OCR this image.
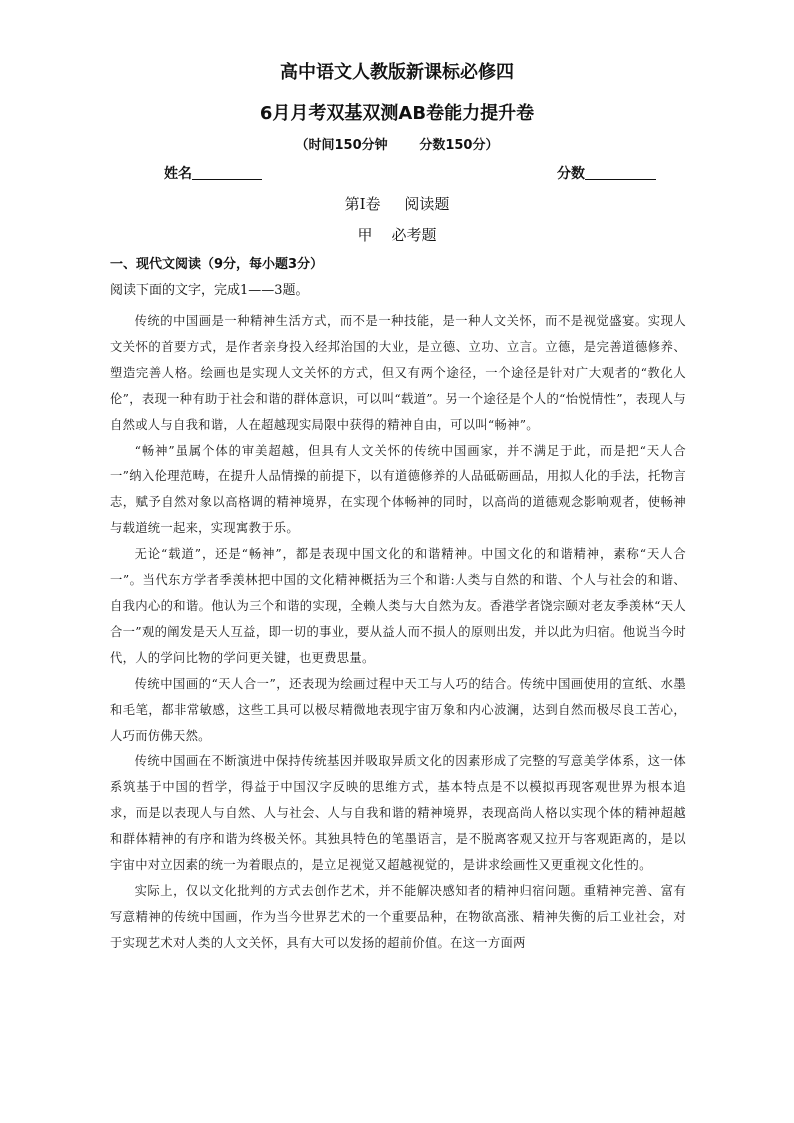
高中语文人教版新课标必修四
6月月考双基双测AB卷能力提升卷
（时间150分钟       分数150分）
姓名	分数
第Ⅰ卷     阅读题
甲    必考题
一、现代文阅读（9分，每小题3分）
阅读下面的文字，完成1——3题。

传统的中国画是一种精神生活方式，而不是一种技能，是一种人文关怀，而不是视觉盛宴。实现人文关怀的首要方式，是作者亲身投入经邦治国的大业，是立德、立功、立言。立德，是完善道德修养、塑造完善人格。绘画也是实现人文关怀的方式，但又有两个途径，一个途径是针对广大观者的“教化人伦”，表现一种有助于社会和谐的群体意识，可以叫“载道”。另一个途径是个人的“怡悦情性”，表现人与自然或人与自我和谐，人在超越现实局限中获得的精神自由，可以叫“畅神”。

“畅神”虽属个体的审美超越，但具有人文关怀的传统中国画家，并不满足于此，而是把“天人合一”纳入伦理范畴，在提升人品情操的前提下，以有道德修养的人品砥砺画品，用拟人化的手法，托物言志，赋予自然对象以高格调的精神境界，在实现个体畅神的同时，以高尚的道德观念影响观者，使畅神与载道统一起来，实现寓教于乐。

无论“载道”，还是“畅神”，都是表现中国文化的和谐精神。中国文化的和谐精神，素称“天人合一”。当代东方学者季羡林把中国的文化精神概括为三个和谐:人类与自然的和谐、个人与社会的和谐、自我内心的和谐。他认为三个和谐的实现，全赖人类与大自然为友。香港学者饶宗颐对老友季羡林“天人合一”观的阐发是天人互益，即一切的事业，要从益人而不损人的原则出发，并以此为归宿。他说当今时代，人的学问比物的学问更关键，也更费思量。

传统中国画的“天人合一”，还表现为绘画过程中天工与人巧的结合。传统中国画使用的宣纸、水墨和毛笔，都非常敏感，这些工具可以极尽精微地表现宇宙万象和内心波澜，达到自然而极尽良工苦心，人巧而仿佛天然。

传统中国画在不断演进中保持传统基因并吸取异质文化的因素形成了完整的写意美学体系，这一体系筑基于中国的哲学，得益于中国汉字反映的思维方式，基本特点是不以模拟再现客观世界为根本追求，而是以表现人与自然、人与社会、人与自我和谐的精神境界，表现高尚人格以实现个体的精神超越和群体精神的有序和谐为终极关怀。其独具特色的笔墨语言，是不脱离客观又拉开与客观距离的，是以宇宙中对立因素的统一为着眼点的，是立足视觉又超越视觉的，是讲求绘画性又更重视文化性的。

实际上，仅以文化批判的方式去创作艺术，并不能解决感知者的精神归宿问题。重精神完善、富有写意精神的传统中国画，作为当今世界艺术的一个重要品种，在物欲高涨、精神失衡的后工业社会，对于实现艺术对人类的人文关怀，具有大可以发扬的超前价值。在这一方面两
